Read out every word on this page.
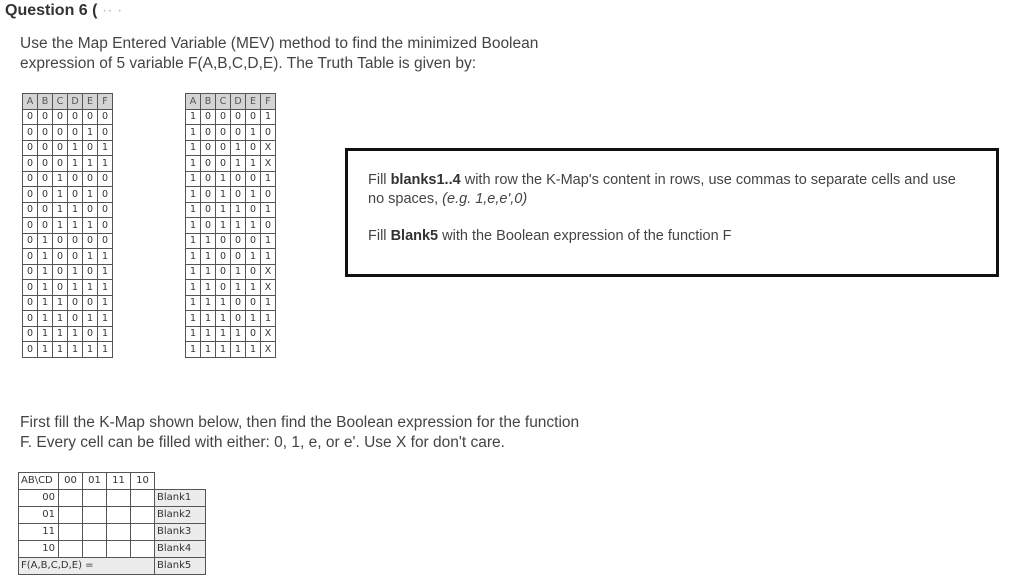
Question 6 ( ·· ·
Use the Map Entered Variable (MEV) method to find the minimized Boolean
expression of 5 variable F(A,B,C,D,E). The Truth Table is given by:
A	B	C	D	E	F
0	0	0	0	0	0
0	0	0	0	1	0
0	0	0	1	0	1
0	0	0	1	1	1
0	0	1	0	0	0
0	0	1	0	1	0
0	0	1	1	0	0
0	0	1	1	1	0
0	1	0	0	0	0
0	1	0	0	1	1
0	1	0	1	0	1
0	1	0	1	1	1
0	1	1	0	0	1
0	1	1	0	1	1
0	1	1	1	0	1
0	1	1	1	1	1
A	B	C	D	E	F
1	0	0	0	0	1
1	0	0	0	1	0
1	0	0	1	0	X
1	0	0	1	1	X
1	0	1	0	0	1
1	0	1	0	1	0
1	0	1	1	0	1
1	0	1	1	1	0
1	1	0	0	0	1
1	1	0	0	1	1
1	1	0	1	0	X
1	1	0	1	1	X
1	1	1	0	0	1
1	1	1	0	1	1
1	1	1	1	0	X
1	1	1	1	1	X

Fill blanks1..4 with row the K-Map's content in rows, use commas to separate cells and use no spaces, (e.g. 1,e,e',0)

Fill Blank5 with the Boolean expression of the function F

First fill the K-Map shown below, then find the Boolean expression for the function
F. Every cell can be filled with either: 0, 1, e, or e'. Use X for don't care.
AB\CD	00	01	11	10	
00					Blank1
01					Blank2
11					Blank3
10					Blank4
F(A,B,C,D,E) =					Blank5
